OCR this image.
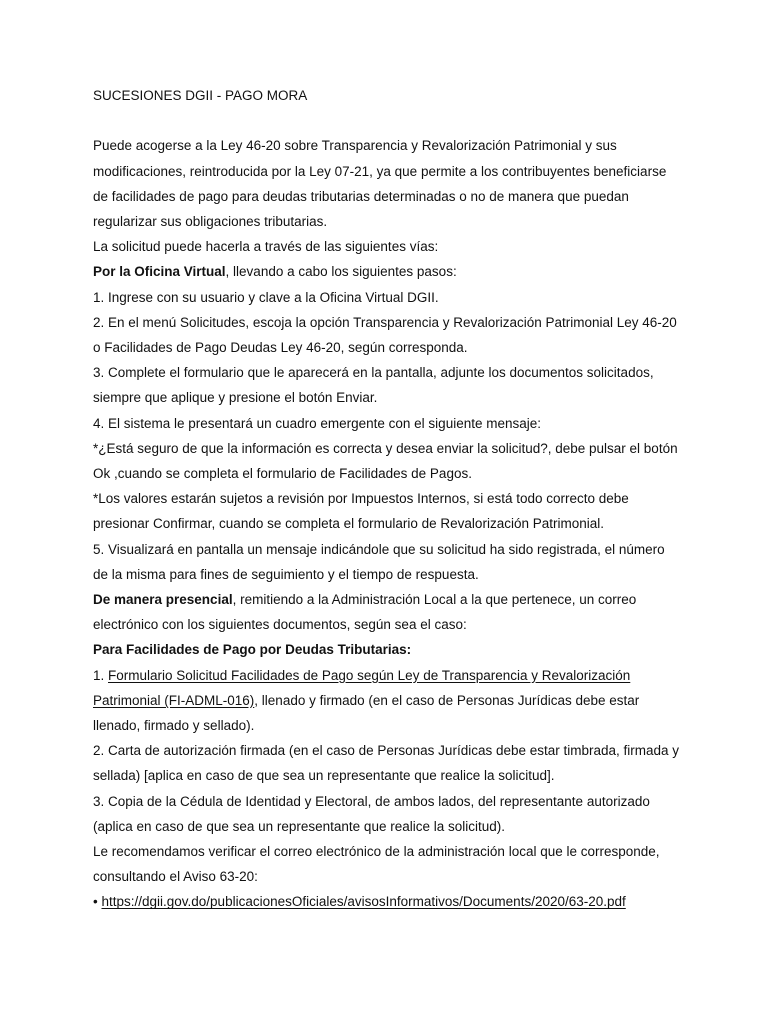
SUCESIONES DGII - PAGO MORA

Puede acogerse a la Ley 46-20 sobre Transparencia y Revalorización Patrimonial y sus modificaciones, reintroducida por la Ley 07-21, ya que permite a los contribuyentes beneficiarse de facilidades de pago para deudas tributarias determinadas o no de manera que puedan regularizar sus obligaciones tributarias.

La solicitud puede hacerla a través de las siguientes vías:

Por la Oficina Virtual, llevando a cabo los siguientes pasos:

1. Ingrese con su usuario y clave a la Oficina Virtual DGII.

2. En el menú Solicitudes, escoja la opción Transparencia y Revalorización Patrimonial Ley 46-20 o Facilidades de Pago Deudas Ley 46-20, según corresponda.

3. Complete el formulario que le aparecerá en la pantalla, adjunte los documentos solicitados, siempre que aplique y presione el botón Enviar.

4. El sistema le presentará un cuadro emergente con el siguiente mensaje:

*¿Está seguro de que la información es correcta y desea enviar la solicitud?, debe pulsar el botón Ok ,cuando se completa el formulario de Facilidades de Pagos.

*Los valores estarán sujetos a revisión por Impuestos Internos, si está todo correcto debe presionar Confirmar, cuando se completa el formulario de Revalorización Patrimonial.

5. Visualizará en pantalla un mensaje indicándole que su solicitud ha sido registrada, el número de la misma para fines de seguimiento y el tiempo de respuesta.

De manera presencial, remitiendo a la Administración Local a la que pertenece, un correo electrónico con los siguientes documentos, según sea el caso:

Para Facilidades de Pago por Deudas Tributarias:

1. Formulario Solicitud Facilidades de Pago según Ley de Transparencia y Revalorización Patrimonial (FI-ADML-016), llenado y firmado (en el caso de Personas Jurídicas debe estar llenado, firmado y sellado).

2. Carta de autorización firmada (en el caso de Personas Jurídicas debe estar timbrada, firmada y sellada) [aplica en caso de que sea un representante que realice la solicitud].

3. Copia de la Cédula de Identidad y Electoral, de ambos lados, del representante autorizado (aplica en caso de que sea un representante que realice la solicitud).

Le recomendamos verificar el correo electrónico de la administración local que le corresponde, consultando el Aviso 63-20:

• https://dgii.gov.do/publicacionesOficiales/avisosInformativos/Documents/2020/63-20.pdf
